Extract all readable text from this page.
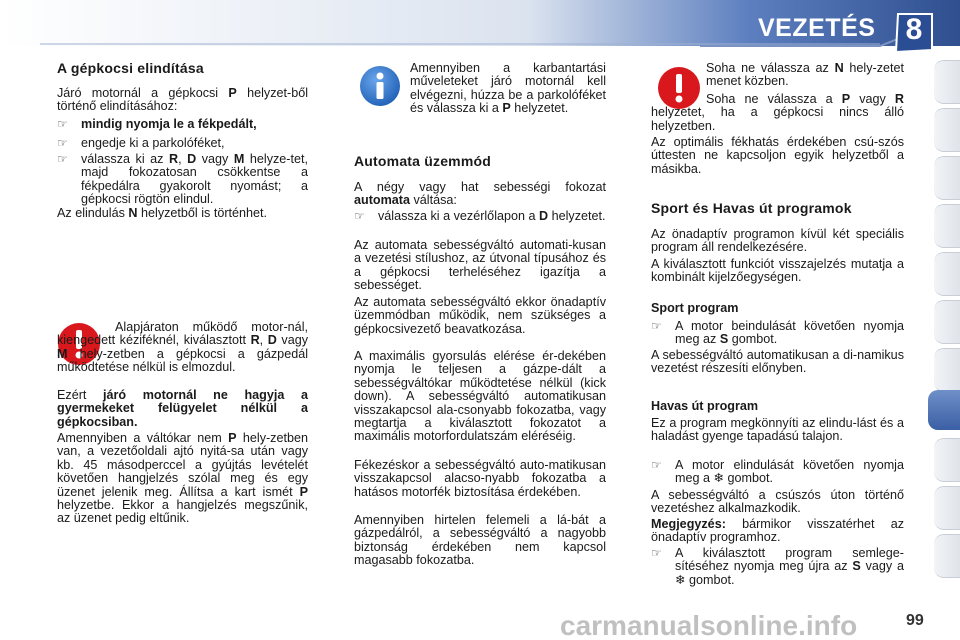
VEZETÉS	8
A gépkocsi elindítása

Járó motornál a gépkocsi P helyzet-ből történő elindításához:

☞ mindig nyomja le a fékpedált,
☞ engedje ki a parkolóféket,
☞ válassza ki az R, D vagy M helyze-tet, majd fokozatosan csökkentse a fékpedálra gyakorolt nyomást; a gépkocsi rögtön elindul.

Az elindulás N helyzetből is történhet.

Alapjáraton működő motor-nál, kiengedett kéziféknél, kiválasztott R, D vagy M hely-zetben a gépkocsi a gázpedál működtetése nélkül is elmozdul.

Ezért járó motornál ne hagyja a gyermekeket felügyelet nélkül a gépkocsiban.

Amennyiben a váltókar nem P hely-zetben van, a vezetőoldali ajtó nyitá-sa után vagy kb. 45 másodperccel a gyújtás levételét követően hangjelzés szólal meg és egy üzenet jelenik meg. Állítsa a kart ismét P helyzetbe. Ekkor a hangjelzés megszűnik, az üzenet pedig eltűnik.

Amennyiben a karbantartási műveleteket járó motornál kell elvégezni, húzza be a parkolóféket és válassza ki a P helyzetet.

Automata üzemmód

A négy vagy hat sebességi fokozat automata váltása:

☞ válassza ki a vezérlőlapon a D helyzetet.

Az automata sebességváltó automati-kusan a vezetési stílushoz, az útvonal típusához és a gépkocsi terheléséhez igazítja a sebességet.

Az automata sebességváltó ekkor önadaptív üzemmódban működik, nem szükséges a gépkocsivezető beavatkozása.

A maximális gyorsulás elérése ér-dekében nyomja le teljesen a gázpe-dált a sebességváltókar működtetése nélkül (kick down). A sebességváltó automatikusan visszakapcsol ala-csonyabb fokozatba, vagy megtartja a kiválasztott fokozatot a maximális motorfordulatszám eléréséig.

Fékezéskor a sebességváltó auto-matikusan visszakapcsol alacso-nyabb fokozatba a hatásos motorfék biztosítása érdekében.

Amennyiben hirtelen felemeli a lá-bát a gázpedálról, a sebességváltó a nagyobb biztonság érdekében nem kapcsol magasabb fokozatba.

Soha ne válassza az N hely-zetet menet közben.

Soha ne válassza a P vagy R helyzetet, ha a gépkocsi nincs álló helyzetben.

Az optimális fékhatás érdekében csú-szós úttesten ne kapcsoljon egyik helyzetből a másikba.

Sport és Havas út programok

Az önadaptív programon kívül két speciális program áll rendelkezésére.

A kiválasztott funkciót visszajelzés mutatja a kombinált kijelzőegységen.

Sport program
☞ A motor beindulását követően nyomja meg az S gombot.

A sebességváltó automatikusan a di-namikus vezetést részesíti előnyben.

Havas út program

Ez a program megkönnyíti az elindu-lást és a haladást gyenge tapadású talajon.

☞ A motor elindulását követően nyomja meg a ❄ gombot.

A sebességváltó a csúszós úton történő vezetéshez alkalmazkodik.

Megjegyzés: bármikor visszatérhet az önadaptív programhoz.

☞ A kiválasztott program semlege-sítéséhez nyomja meg újra az S vagy a ❄ gombot.
carmanualsonline.info	99
